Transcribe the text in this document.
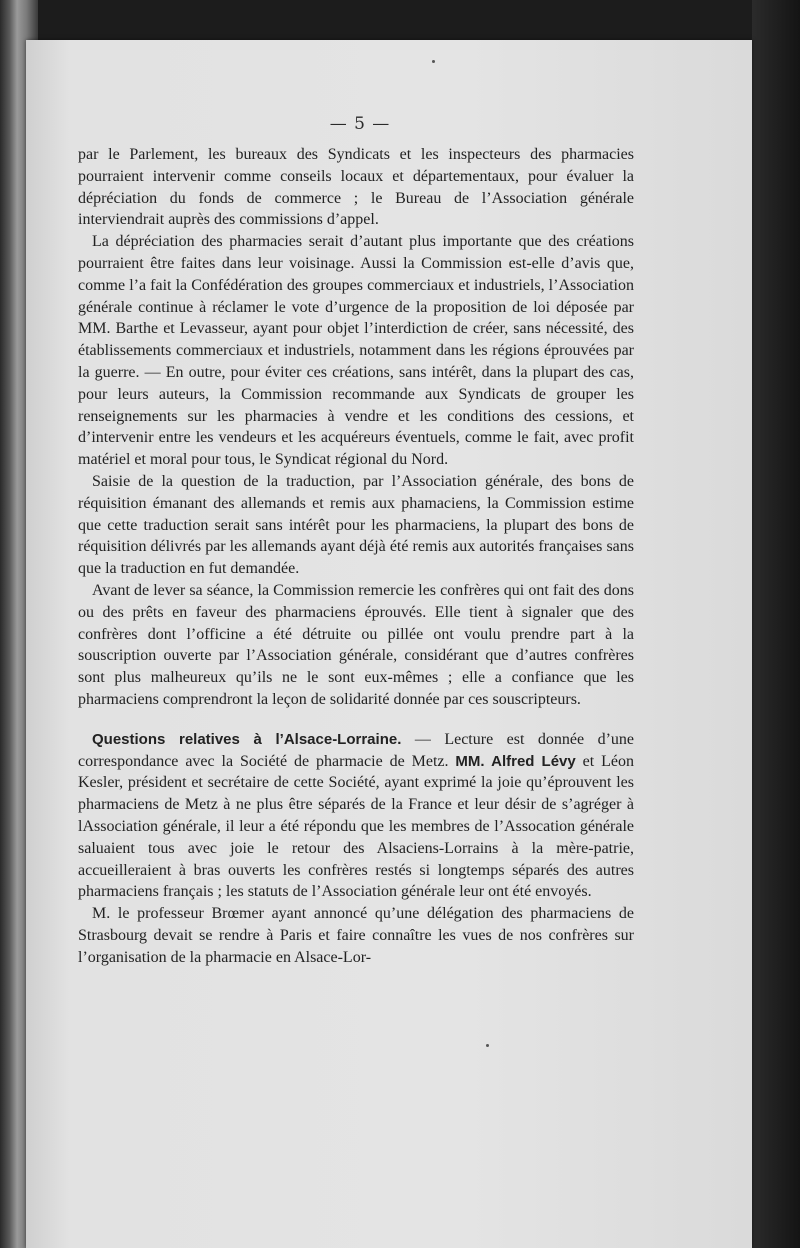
— 5 —

par le Parlement, les bureaux des Syndicats et les inspecteurs des pharmacies pourraient intervenir comme conseils locaux et départementaux, pour évaluer la dépréciation du fonds de commerce ; le Bureau de l’Association générale interviendrait auprès des commissions d’appel.

La dépréciation des pharmacies serait d’autant plus importante que des créations pourraient être faites dans leur voisinage. Aussi la Commission est-elle d’avis que, comme l’a fait la Confédération des groupes commerciaux et industriels, l’Association générale continue à réclamer le vote d’urgence de la proposition de loi déposée par MM. Barthe et Levasseur, ayant pour objet l’interdiction de créer, sans nécessité, des établissements commerciaux et industriels, notamment dans les régions éprouvées par la guerre. — En outre, pour éviter ces créations, sans intérêt, dans la plupart des cas, pour leurs auteurs, la Commission recommande aux Syndicats de grouper les renseignements sur les pharmacies à vendre et les conditions des cessions, et d’intervenir entre les vendeurs et les acquéreurs éventuels, comme le fait, avec profit matériel et moral pour tous, le Syndicat régional du Nord.

Saisie de la question de la traduction, par l’Association générale, des bons de réquisition émanant des allemands et remis aux phamaciens, la Commission estime que cette traduction serait sans intérêt pour les pharmaciens, la plupart des bons de réquisition délivrés par les allemands ayant déjà été remis aux autorités françaises sans que la traduction en fut demandée.

Avant de lever sa séance, la Commission remercie les confrères qui ont fait des dons ou des prêts en faveur des pharmaciens éprouvés. Elle tient à signaler que des confrères dont l’officine a été détruite ou pillée ont voulu prendre part à la souscription ouverte par l’Association générale, considérant que d’autres confrères sont plus malheureux qu’ils ne le sont eux-mêmes ; elle a confiance que les pharmaciens comprendront la leçon de solidarité donnée par ces souscripteurs.

Questions relatives à l’Alsace-Lorraine. — Lecture est donnée d’une correspondance avec la Société de pharmacie de Metz. MM. Alfred Lévy et Léon Kesler, président et secrétaire de cette Société, ayant exprimé la joie qu’éprouvent les pharmaciens de Metz à ne plus être séparés de la France et leur désir de s’agréger à lAssociation générale, il leur a été répondu que les membres de l’Assocation générale saluaient tous avec joie le retour des Alsaciens-Lorrains à la mère-patrie, accueilleraient à bras ouverts les confrères restés si longtemps séparés des autres pharmaciens français ; les statuts de l’Association générale leur ont été envoyés.

M. le professeur Brœmer ayant annoncé qu’une délégation des pharmaciens de Strasbourg devait se rendre à Paris et faire connaître les vues de nos confrères sur l’organisation de la pharmacie en Alsace-Lor-
